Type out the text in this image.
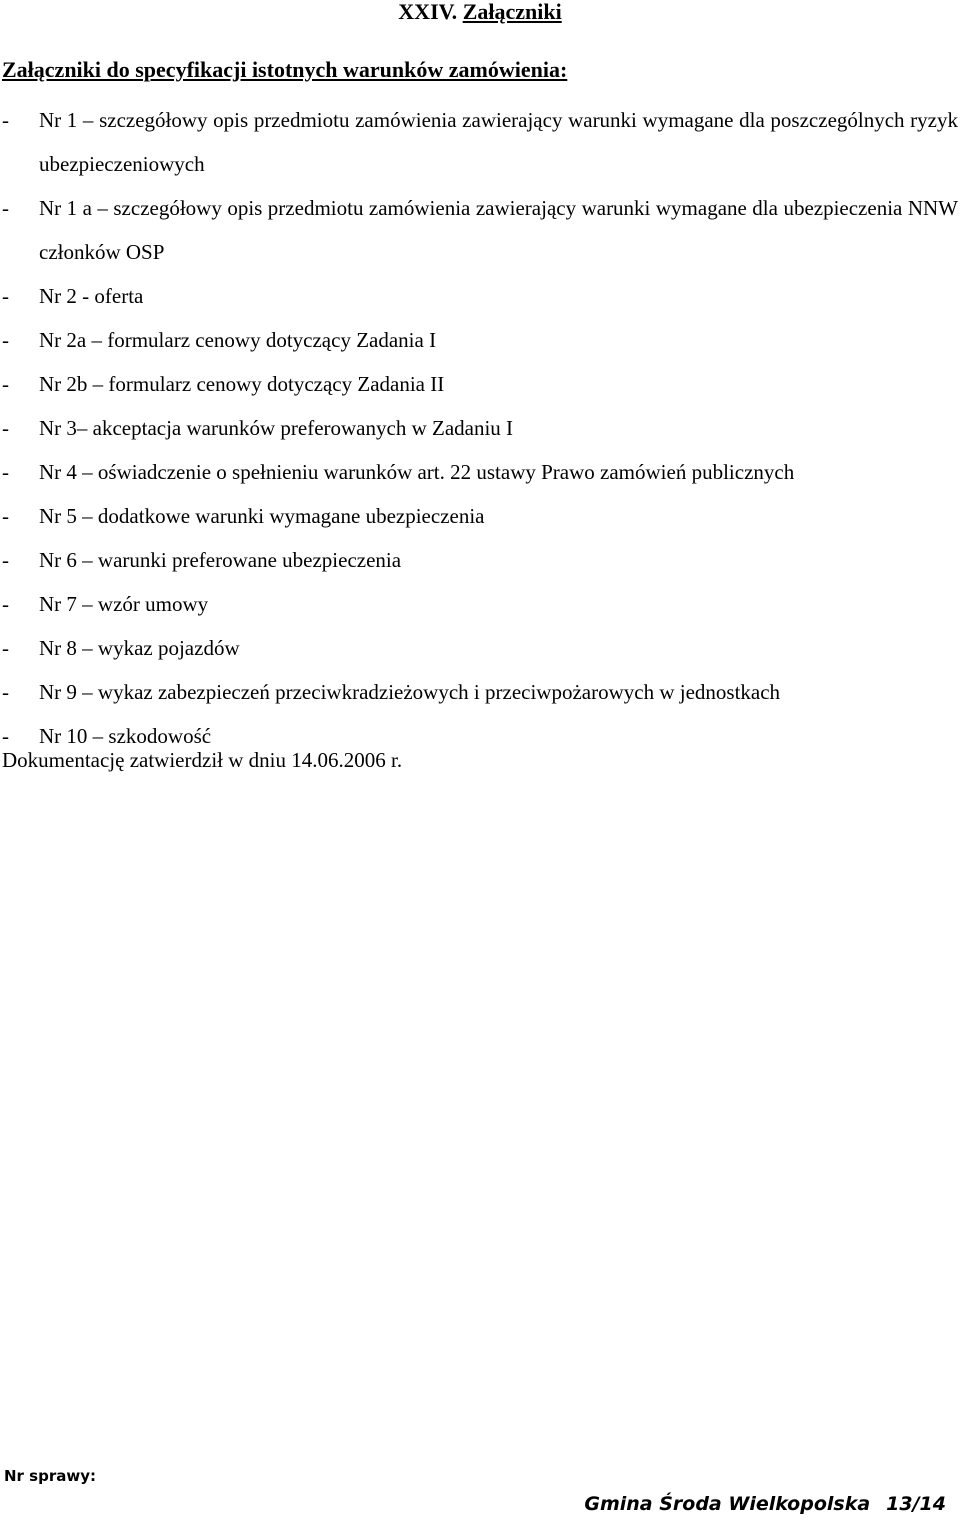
XXIV. Załączniki
Załączniki do specyfikacji istotnych warunków zamówienia:
- Nr 1 – szczegółowy opis przedmiotu zamówienia zawierający warunki wymagane dla poszczególnych ryzyk ubezpieczeniowych
- Nr 1 a – szczegółowy opis przedmiotu zamówienia zawierający warunki wymagane dla ubezpieczenia NNW członków OSP
- Nr 2 - oferta
- Nr 2a – formularz cenowy dotyczący Zadania I
- Nr 2b – formularz cenowy dotyczący Zadania II
- Nr 3– akceptacja warunków preferowanych w Zadaniu I
- Nr 4 – oświadczenie o spełnieniu warunków art. 22 ustawy Prawo zamówień publicznych
- Nr 5 – dodatkowe warunki wymagane ubezpieczenia
- Nr 6 – warunki preferowane ubezpieczenia
- Nr 7 – wzór umowy
- Nr 8 – wykaz pojazdów
- Nr 9 – wykaz zabezpieczeń przeciwkradzieżowych i przeciwpożarowych w jednostkach
- Nr 10 – szkodowość
Dokumentację zatwierdził w dniu 14.06.2006 r.
Nr sprawy:
Gmina Środa Wielkopolska 13/14
